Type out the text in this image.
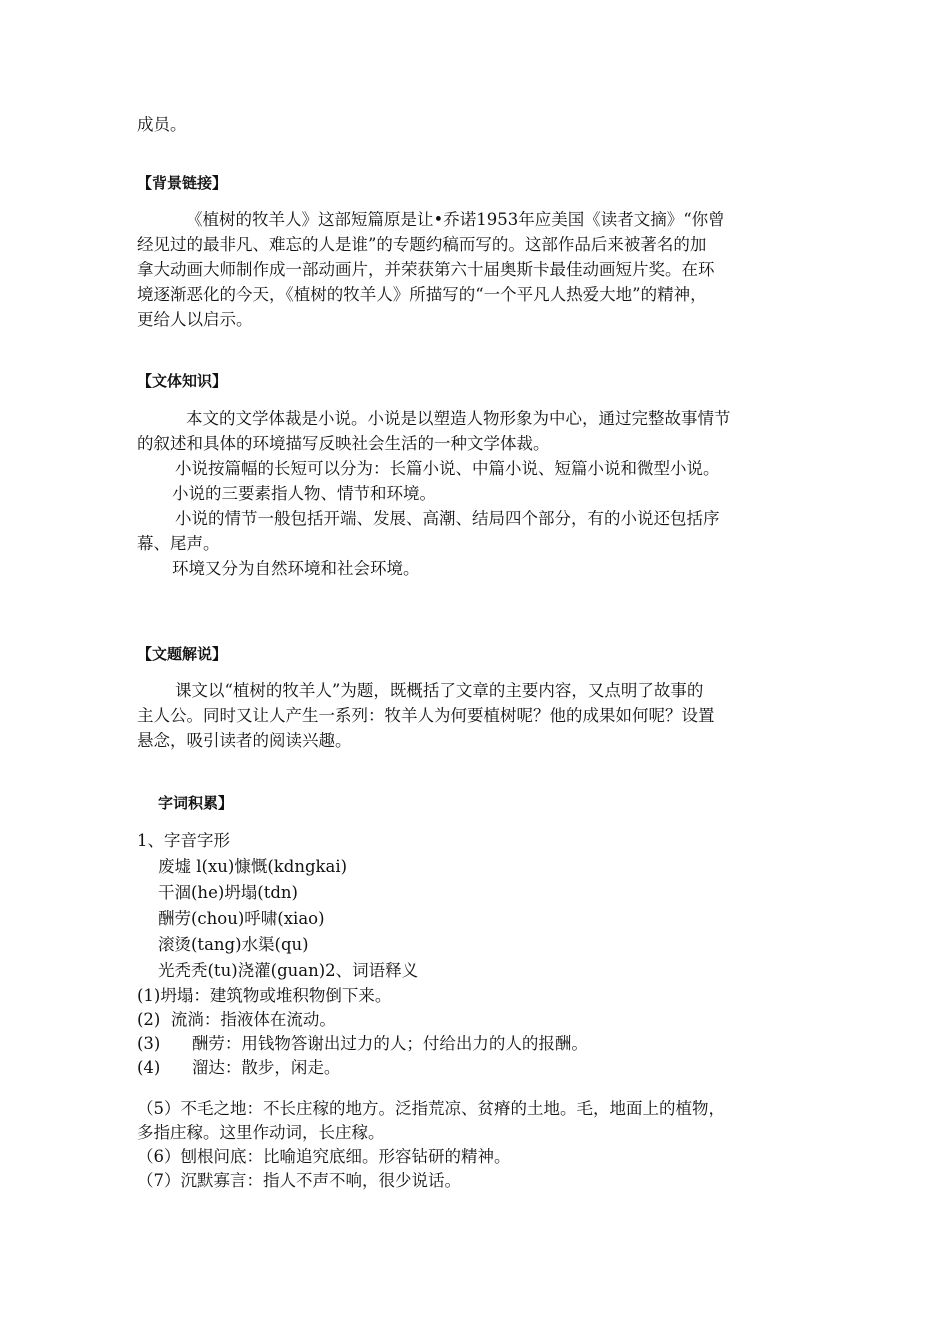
成员。
【背景链接】
《植树的牧羊人》这部短篇原是让•乔诺1953年应美国《读者文摘》“你曾
经见过的最非凡、难忘的人是谁”的专题约稿而写的。这部作品后来被著名的加
拿大动画大师制作成一部动画片，并荣获第六十届奥斯卡最佳动画短片奖。在环
境逐渐恶化的今天，《植树的牧羊人》所描写的“一个平凡人热爱大地”的精神，
更给人以启示。
【文体知识】
本文的文学体裁是小说。小说是以塑造人物形象为中心，通过完整故事情节
的叙述和具体的环境描写反映社会生活的一种文学体裁。
小说按篇幅的长短可以分为：长篇小说、中篇小说、短篇小说和微型小说。
小说的三要素指人物、情节和环境。
小说的情节一般包括开端、发展、高潮、结局四个部分，有的小说还包括序
幕、尾声。
环境又分为自然环境和社会环境。
【文题解说】
课文以“植树的牧羊人”为题，既概括了文章的主要内容，又点明了故事的
主人公。同时又让人产生一系列：牧羊人为何要植树呢？他的成果如何呢？设置
悬念，吸引读者的阅读兴趣。
字词积累】
1、字音字形
废墟 l(xu)慷慨(kdngkai)
干涸(he)坍塌(tdn)
酬劳(chou)呼啸(xiao)
滚烫(tang)水渠(qu)
光秃秃(tu)浇灌(guan)2、词语释义
(1)坍塌：建筑物或堆积物倒下来。
(2)  流淌：指液体在流动。
(3)      酬劳：用钱物答谢出过力的人；付给出力的人的报酬。
(4)      溜达：散步，闲走。
（5）不毛之地：不长庄稼的地方。泛指荒凉、贫瘠的土地。毛，地面上的植物，
多指庄稼。这里作动词，长庄稼。
（6）刨根问底：比喻追究底细。形容钻研的精神。
（7）沉默寡言：指人不声不响，很少说话。
